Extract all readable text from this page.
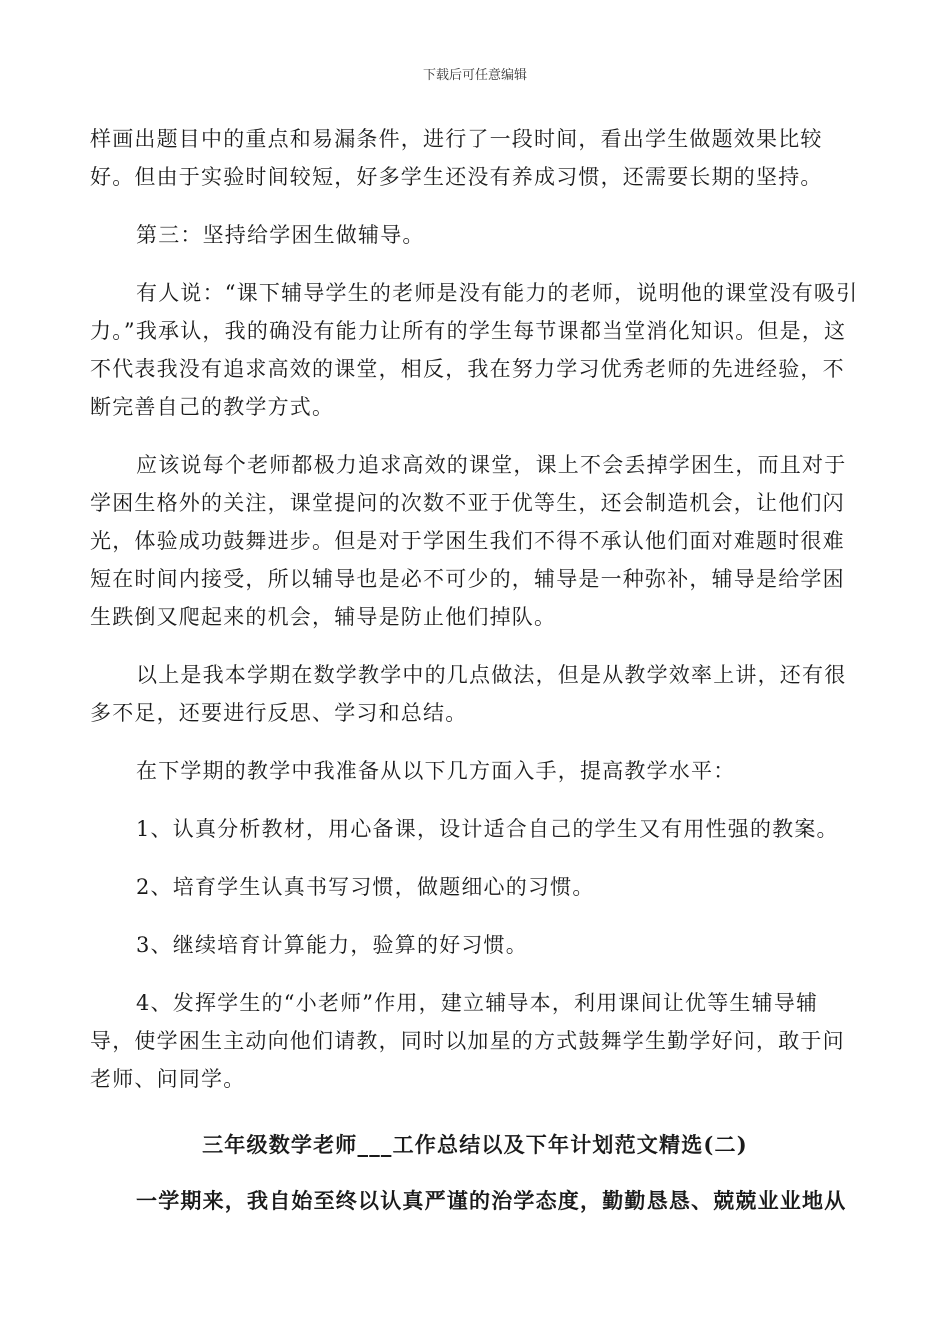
下载后可任意编辑

样画出题目中的重点和易漏条件，进行了一段时间，看出学生做题效果比较好。但由于实验时间较短，好多学生还没有养成习惯，还需要长期的坚持。

第三：坚持给学困生做辅导。

有人说：“课下辅导学生的老师是没有能力的老师，说明他的课堂没有吸引力。”我承认，我的确没有能力让所有的学生每节课都当堂消化知识。但是，这不代表我没有追求高效的课堂，相反，我在努力学习优秀老师的先进经验，不断完善自己的教学方式。

应该说每个老师都极力追求高效的课堂，课上不会丢掉学困生，而且对于学困生格外的关注，课堂提问的次数不亚于优等生，还会制造机会，让他们闪光，体验成功鼓舞进步。但是对于学困生我们不得不承认他们面对难题时很难短在时间内接受，所以辅导也是必不可少的，辅导是一种弥补，辅导是给学困生跌倒又爬起来的机会，辅导是防止他们掉队。

以上是我本学期在数学教学中的几点做法，但是从教学效率上讲，还有很多不足，还要进行反思、学习和总结。

在下学期的教学中我准备从以下几方面入手，提高教学水平：

1、认真分析教材，用心备课，设计适合自己的学生又有用性强的教案。

2、培育学生认真书写习惯，做题细心的习惯。

3、继续培育计算能力，验算的好习惯。

4、发挥学生的“小老师”作用，建立辅导本，利用课间让优等生辅导辅导，使学困生主动向他们请教，同时以加星的方式鼓舞学生勤学好问，敢于问老师、问同学。

三年级数学老师___工作总结以及下年计划范文精选(二)

一学期来，我自始至终以认真严谨的治学态度，勤勤恳恳、兢兢业业地从
